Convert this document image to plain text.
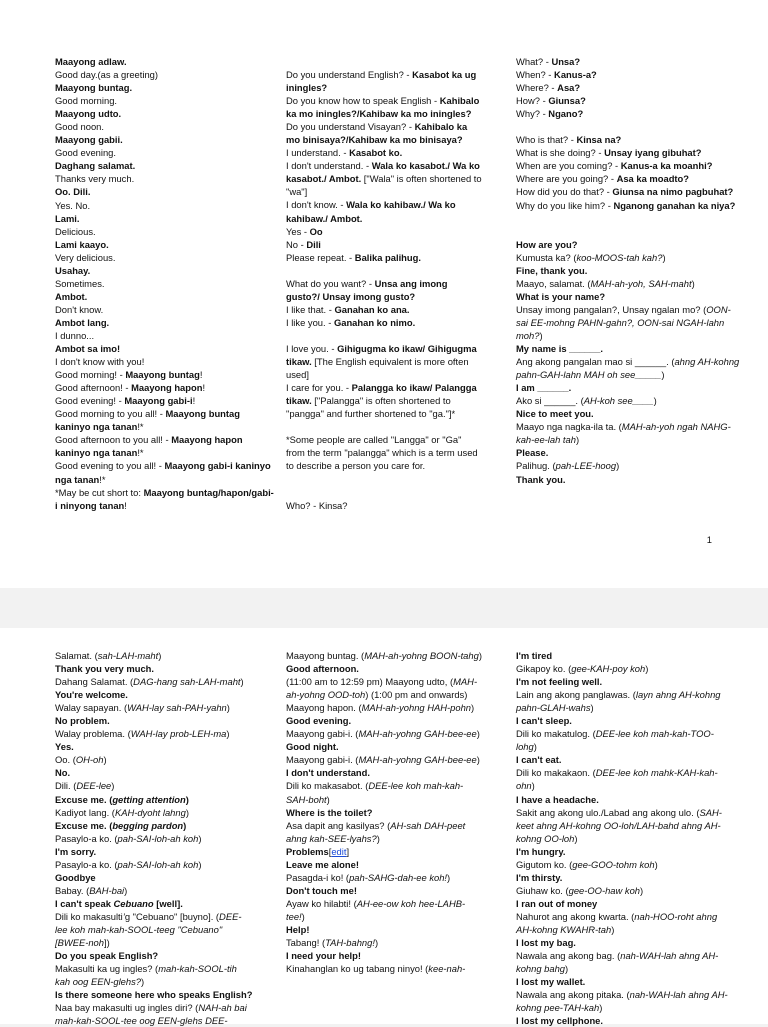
Maayong adlaw.
Good day.(as a greeting)
Maayong buntag.
Good morning.
Maayong udto.
Good noon.
Maayong gabii.
Good evening.
Daghang salamat.
Thanks very much.
Oo. Dili.
Yes. No.
Lami.
Delicious.
Lami kaayo.
Very delicious.
Usahay.
Sometimes.
Ambot.
Don't know.
Ambot lang.
I dunno...
Ambot sa imo!
I don't know with you!
Good morning! - Maayong buntag!
Good afternoon! - Maayong hapon!
Good evening! - Maayong gabi-i!
Good morning to you all! - Maayong buntag kaninyo nga tanan!*
Good afternoon to you all! - Maayong hapon kaninyo nga tanan!*
Good evening to you all! - Maayong gabi-i kaninyo nga tanan!*
*May be cut short to: Maayong buntag/hapon/gabi-i ninyong tanan!
Do you understand English? - Kasabot ka ug iningles?
Do you know how to speak English - Kahibalo ka mo iningles?/Kahibaw ka mo iningles?
Do you understand Visayan? - Kahibalo ka mo binisaya?/Kahibaw ka mo binisaya?
I understand. - Kasabot ko.
I don't understand. - Wala ko kasabot./ Wa ko kasabot./ Ambot. ["Wala" is often shortened to "wa"]
I don't know. - Wala ko kahibaw./ Wa ko kahibaw./ Ambot.
Yes - Oo
No - Dili
Please repeat. - Balika palihug.
What do you want? - Unsa ang imong gusto?/ Unsay imong gusto?
I like that. - Ganahan ko ana.
I like you. - Ganahan ko nimo.
I love you. - Gihigugma ko ikaw/ Gihigugma tikaw. [The English equivalent is more often used]
I care for you. - Palangga ko ikaw/ Palangga tikaw. ["Palangga" is often shortened to "pangga" and further shortened to "ga."]*
*Some people are called "Langga" or "Ga" from the term "palangga" which is a term used to describe a person you care for.
Who? - Kinsa?
What? - Unsa?
When? - Kanus-a?
Where? - Asa?
How? - Giunsa?
Why? - Ngano?
Who is that? - Kinsa na?
What is she doing? - Unsay iyang gibuhat?
When are you coming? - Kanus-a ka moanhi?
Where are you going? - Asa ka moadto?
How did you do that? - Giunsa na nimo pagbuhat?
Why do you like him? - Nganong ganahan ka niya?
How are you?
Kumusta ka? (koo-MOOS-tah kah?)
Fine, thank you.
Maayo, salamat. (MAH-ah-yoh, SAH-maht)
What is your name?
Unsay imong pangalan?, Unsay ngalan mo? (OON-sai EE-mohng PAHN-gahn?, OON-sai NGAH-lahn moh?)
My name is ______.
Ang akong pangalan mao si ______. (ahng AH-kohng pahn-GAH-lahn MAH oh see_____)
I am ______.
Ako si ______. (AH-koh see____)
Nice to meet you.
Maayo nga nagka-ila ta. (MAH-ah-yoh ngah NAHG-kah-ee-lah tah)
Please.
Palihug. (pah-LEE-hoog)
Thank you.
1
Salamat. (sah-LAH-maht)
Thank you very much.
Dahang Salamat. (DAG-hang sah-LAH-maht)
You're welcome.
Walay sapayan. (WAH-lay sah-PAH-yahn)
No problem.
Walay problema. (WAH-lay prob-LEH-ma)
Yes.
Oo. (OH-oh)
No.
Dili. (DEE-lee)
Excuse me. (getting attention)
Kadiyot lang. (KAH-dyoht lahng)
Excuse me. (begging pardon)
Pasaylo-a ko. (pah-SAI-loh-ah koh)
I'm sorry.
Pasaylo-a ko. (pah-SAI-loh-ah koh)
Goodbye
Babay. (BAH-bai)
I can't speak Cebuano [well].
Dili ko makasulti’g "Cebuano" [buyno]. (DEE-lee koh mah-kah-SOOL-teeg "Cebuano" [BWEE-noh])
Do you speak English?
Makasulti ka ug ingles? (mah-kah-SOOL-tih kah oog EEN-glehs?)
Is there someone here who speaks English?
Naa bay makasulti ug ingles diri? (NAH-ah bai mah-kah-SOOL-tee oog EEN-glehs DEE-
Maayong buntag. (MAH-ah-yohng BOON-tahg)
Good afternoon.
(11:00 am to 12:59 pm) Maayong udto, (MAH-ah-yohng OOD-toh) (1:00 pm and onwards) Maayong hapon. (MAH-ah-yohng HAH-pohn)
Good evening.
Maayong gabi-i. (MAH-ah-yohng GAH-bee-ee)
Good night.
Maayong gabi-i. (MAH-ah-yohng GAH-bee-ee)
I don't understand.
Dili ko makasabot. (DEE-lee koh mah-kah-SAH-boht)
Where is the toilet?
Asa dapit ang kasilyas? (AH-sah DAH-peet ahng kah-SEE-lyahs?)
Problems[edit]
Leave me alone!
Pasagda-i ko! (pah-SAHG-dah-ee koh!)
Don't touch me!
Ayaw ko hilabti! (AH-ee-ow koh hee-LAHB-tee!)
Help!
Tabang! (TAH-bahng!)
I need your help!
Kinahanglan ko ug tabang ninyo! (kee-nah-
I'm tired
Gikapoy ko. (gee-KAH-poy koh)
I'm not feeling well.
Lain ang akong panglawas. (layn ahng AH-kohng pahn-GLAH-wahs)
I can't sleep.
Dili ko makatulog. (DEE-lee koh mah-kah-TOO-lohg)
I can't eat.
Dili ko makakaon. (DEE-lee koh mahk-KAH-kah-ohn)
I have a headache.
Sakit ang akong ulo./Labad ang akong ulo. (SAH-keet ahng AH-kohng OO-loh/LAH-bahd ahng AH-kohng OO-loh)
I'm hungry.
Gigutom ko. (gee-GOO-tohm koh)
I'm thirsty.
Giuhaw ko. (gee-OO-haw koh)
I ran out of money
Nahurot ang akong kwarta. (nah-HOO-roht ahng AH-kohng KWAHR-tah)
I lost my bag.
Nawala ang akong bag. (nah-WAH-lah ahng AH-kohng bahg)
I lost my wallet.
Nawala ang akong pitaka. (nah-WAH-lah ahng AH-kohng pee-TAH-kah)
I lost my cellphone.
